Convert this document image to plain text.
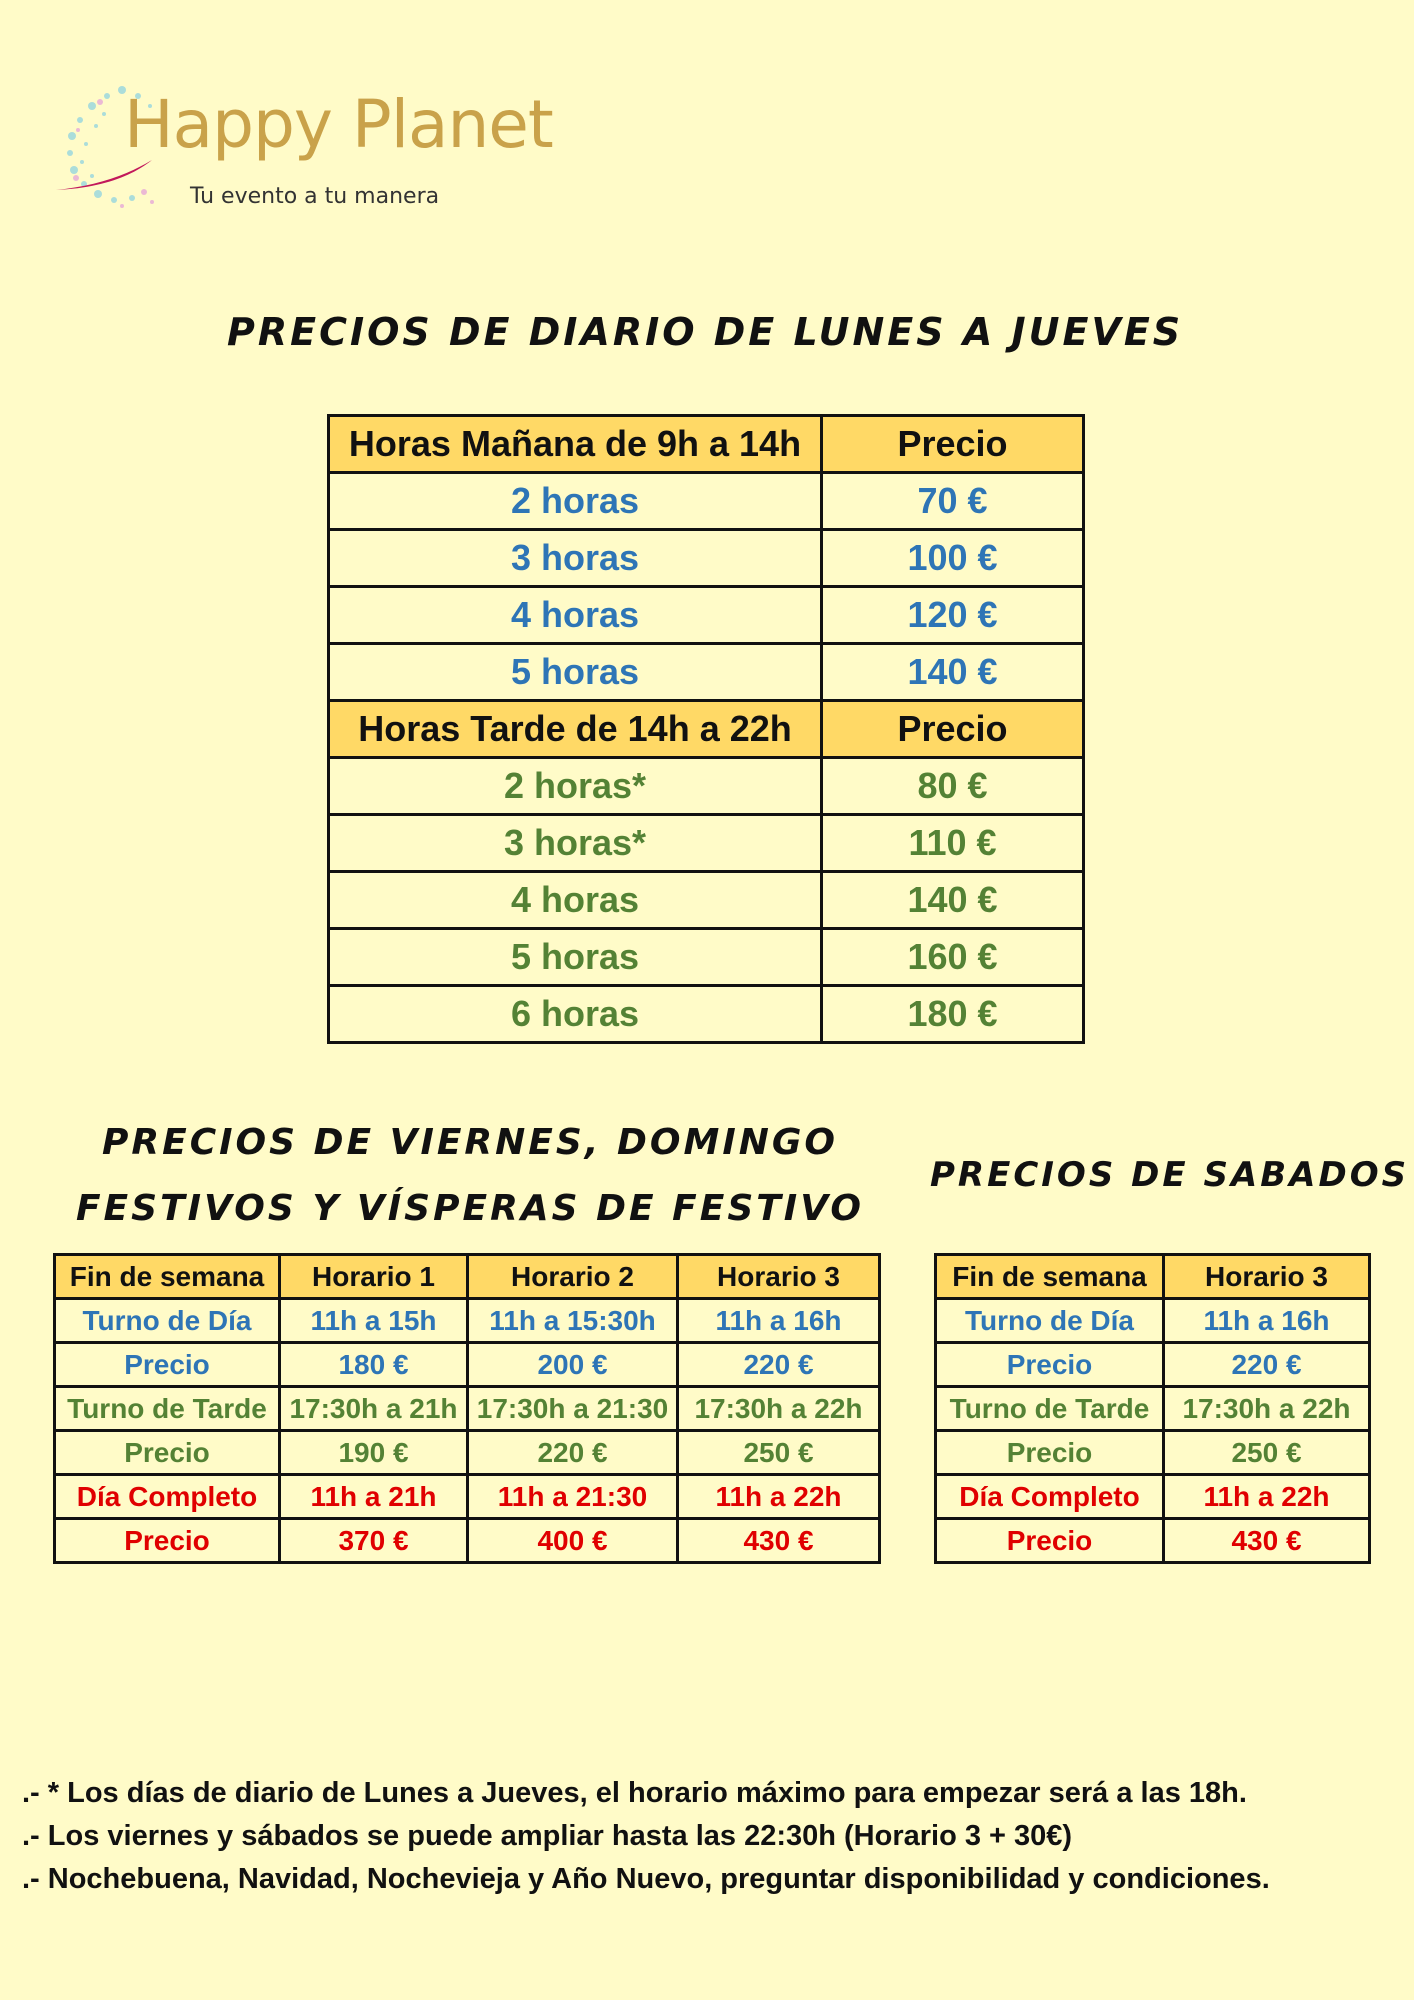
Happy Planet
Tu evento a tu manera
PRECIOS DE DIARIO DE LUNES A JUEVES
Horas Mañana de 9h a 14h	Precio
2 horas	70 €
3 horas	100 €
4 horas	120 €
5 horas	140 €
Horas Tarde de 14h a 22h	Precio
2 horas*	80 €
3 horas*	110 €
4 horas	140 €
5 horas	160 €
6 horas	180 €
PRECIOS DE VIERNES, DOMINGO
FESTIVOS Y VÍSPERAS DE FESTIVO
PRECIOS DE SABADOS
Fin de semana	Horario 1	Horario 2	Horario 3
Turno de Día	11h a 15h	11h a 15:30h	11h a 16h
Precio	180 €	200 €	220 €
Turno de Tarde	17:30h a 21h	17:30h a 21:30	17:30h a 22h
Precio	190 €	220 €	250 €
Día Completo	11h a 21h	11h a 21:30	11h a 22h
Precio	370 €	400 €	430 €
Fin de semana	Horario 3
Turno de Día	11h a 16h
Precio	220 €
Turno de Tarde	17:30h a 22h
Precio	250 €
Día Completo	11h a 22h
Precio	430 €
.- * Los días de diario de Lunes a Jueves, el horario máximo para empezar será a las 18h.
.- Los viernes y sábados se puede ampliar hasta las 22:30h (Horario 3 + 30€)
.- Nochebuena, Navidad, Nochevieja y Año Nuevo, preguntar disponibilidad y condiciones.
